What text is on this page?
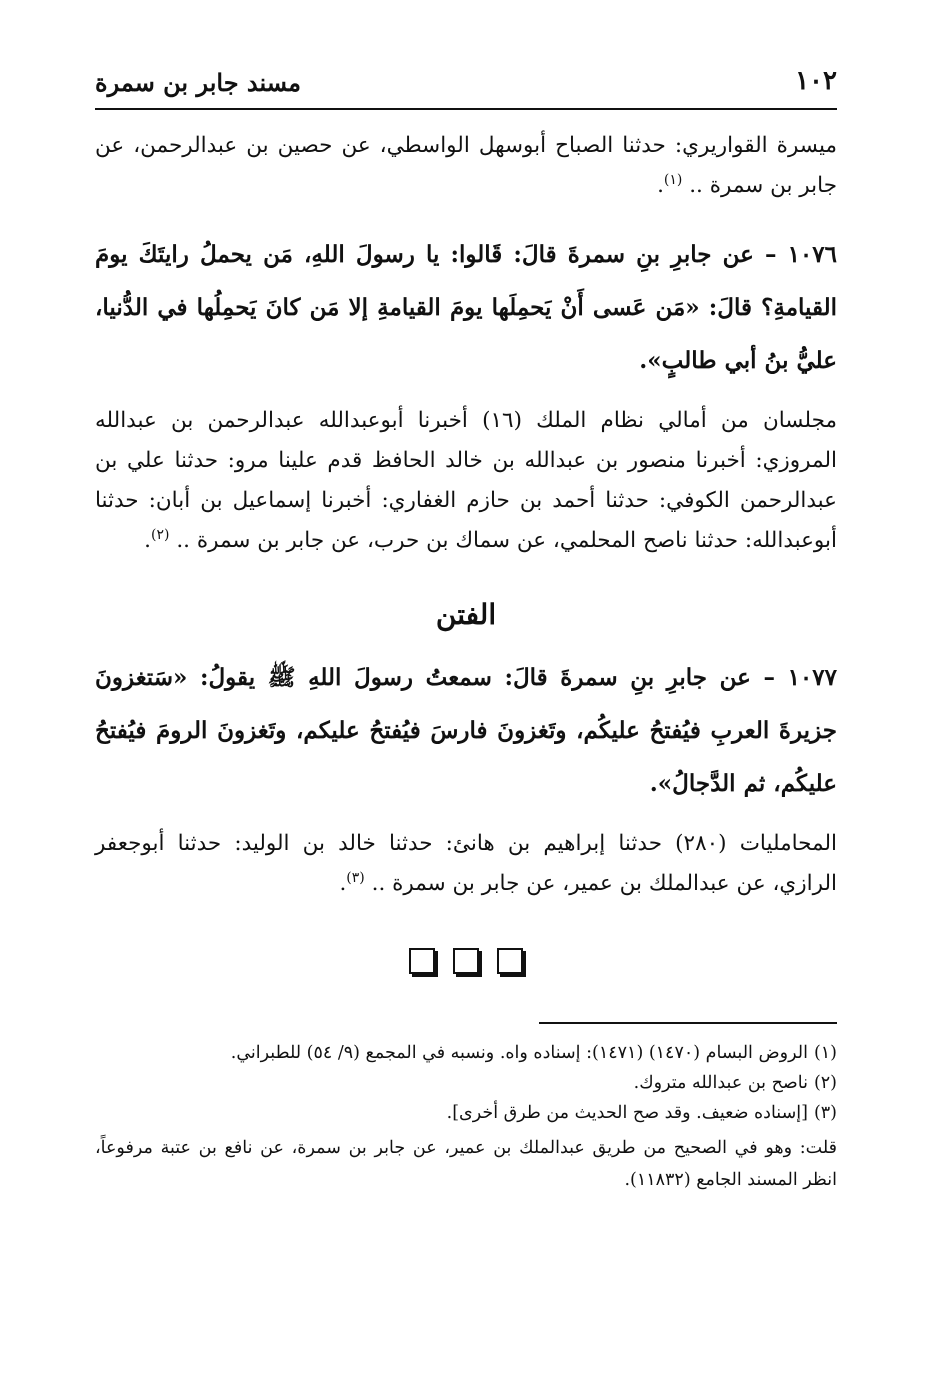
١٠٢
مسند جابر بن سمرة

ميسرة القواريري: حدثنا الصباح أبوسهل الواسطي، عن حصين بن عبدالرحمن، عن جابر بن سمرة .. $^{(١)}$.

١٠٧٦ – عن جابرِ بنِ سمرةَ قالَ: قَالوا: يا رسولَ اللهِ، مَن يحملُ رايتَكَ يومَ القيامةِ؟ قالَ: «مَن عَسى أَنْ يَحمِلَها يومَ القيامةِ إلا مَن كانَ يَحمِلُها في الدُّنيا، عليُّ بنُ أبي طالبٍ».

مجلسان من أمالي نظام الملك (١٦) أخبرنا أبوعبدالله عبدالرحمن بن عبدالله المروزي: أخبرنا منصور بن عبدالله بن خالد الحافظ قدم علينا مرو: حدثنا علي بن عبدالرحمن الكوفي: حدثنا أحمد بن حازم الغفاري: أخبرنا إسماعيل بن أبان: حدثنا أبوعبدالله: حدثنا ناصح المحلمي، عن سماك بن حرب، عن جابر بن سمرة .. $^{(٢)}$.

الفتن

١٠٧٧ – عن جابرِ بنِ سمرةَ قالَ: سمعتُ رسولَ اللهِ ﷺ يقولُ: «سَتغزونَ جزيرةَ العربِ فيُفتحُ عليكُم، وتَغزونَ فارسَ فيُفتحُ عليكم، وتَغزونَ الرومَ فيُفتحُ عليكُم، ثم الدَّجالُ».

المحامليات (٢٨٠) حدثنا إبراهيم بن هانئ: حدثنا خالد بن الوليد: حدثنا أبوجعفر الرازي، عن عبدالملك بن عمير، عن جابر بن سمرة .. $^{(٣)}$.

(١)الروض البسام (١٤٧٠) (١٤٧١): إسناده واه. ونسبه في المجمع (٩/ ٥٤) للطبراني.

(٢)ناصح بن عبدالله متروك.

(٣)[إسناده ضعيف. وقد صح الحديث من طرق أخرى].

قلت: وهو في الصحيح من طريق عبدالملك بن عمير، عن جابر بن سمرة، عن نافع بن عتبة مرفوعاً، انظر المسند الجامع (١١٨٣٢).
